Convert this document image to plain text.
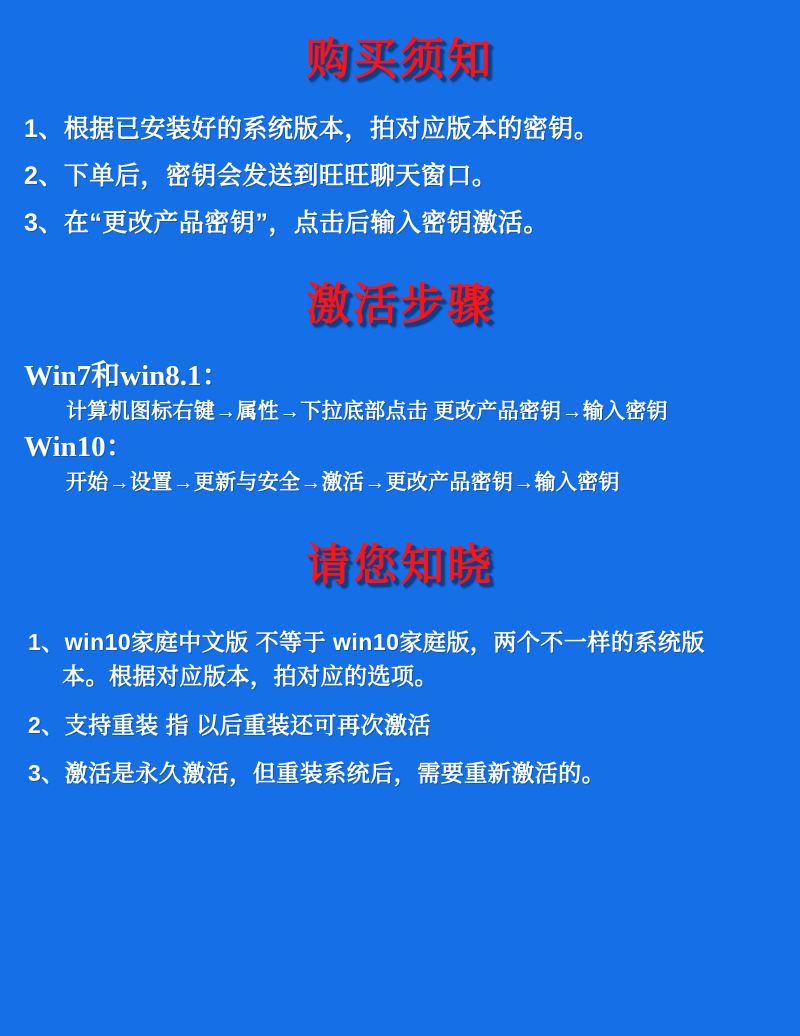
购买须知
1、根据已安装好的系统版本，拍对应版本的密钥。
2、下单后，密钥会发送到旺旺聊天窗口。
3、在“更改产品密钥”，点击后输入密钥激活。
激活步骤
Win7和win8.1：
计算机图标右键→属性→下拉底部点击 更改产品密钥→输入密钥
Win10：
开始→设置→更新与安全→激活→更改产品密钥→输入密钥
请您知晓
1、win10家庭中文版 不等于 win10家庭版，两个不一样的系统版
本。根据对应版本，拍对应的选项。
2、支持重装 指 以后重装还可再次激活
3、激活是永久激活，但重装系统后，需要重新激活的。
